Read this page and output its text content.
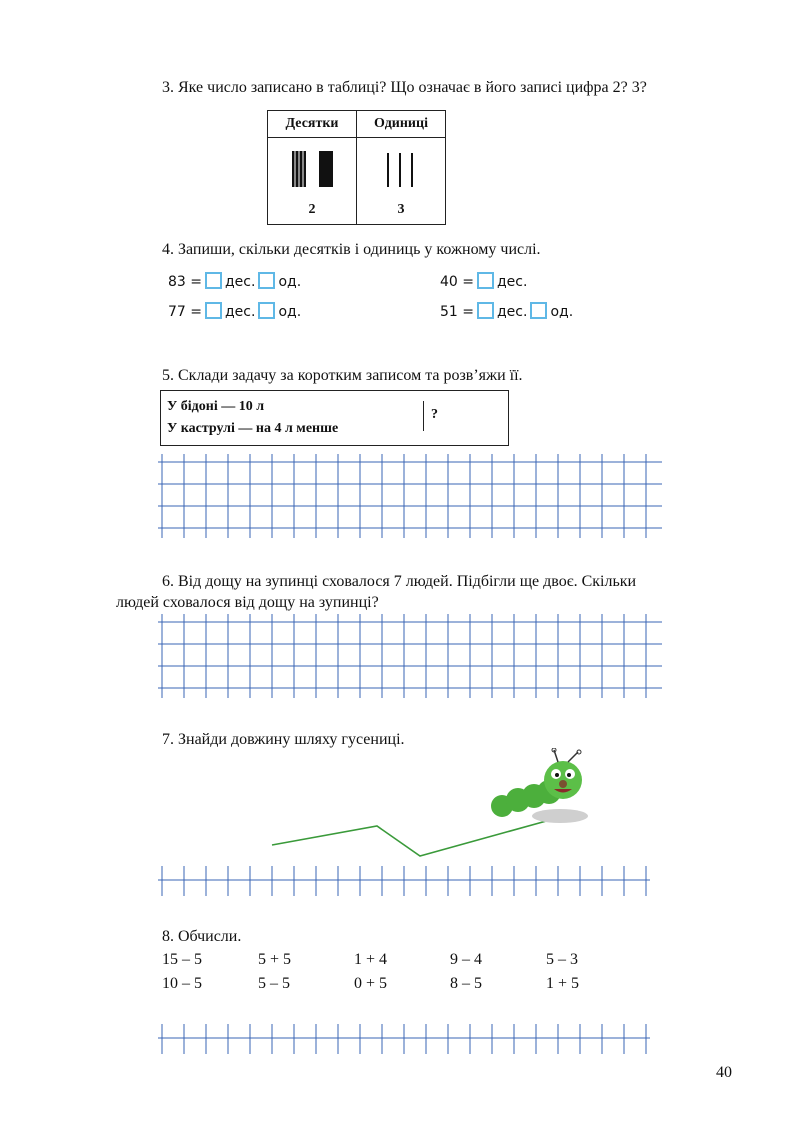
3. Яке число записано в таблиці? Що означає в його записі цифра 2? 3?
Десятки	Одиниці

2	3
4. Запиши, скільки десятків і одиниць у кожному числі.
83 = дес. од.
77 = дес. од.
40 = дес.
51 = дес. од.
5. Склади задачу за коротким записом та розв’яжи її.
У бідоні — 10 л
У каструлі — на 4 л менше
?
6. Від дощу на зупинці сховалося 7 людей. Підбігли ще двоє. Скільки
людей сховалося від дощу на зупинці?
7. Знайди довжину шляху гусениці.
8. Обчисли.
15 – 5	5 + 5	1 + 4	9 – 4	5 – 3
10 – 5	5 – 5	0 + 5	8 – 5	1 + 5
40
